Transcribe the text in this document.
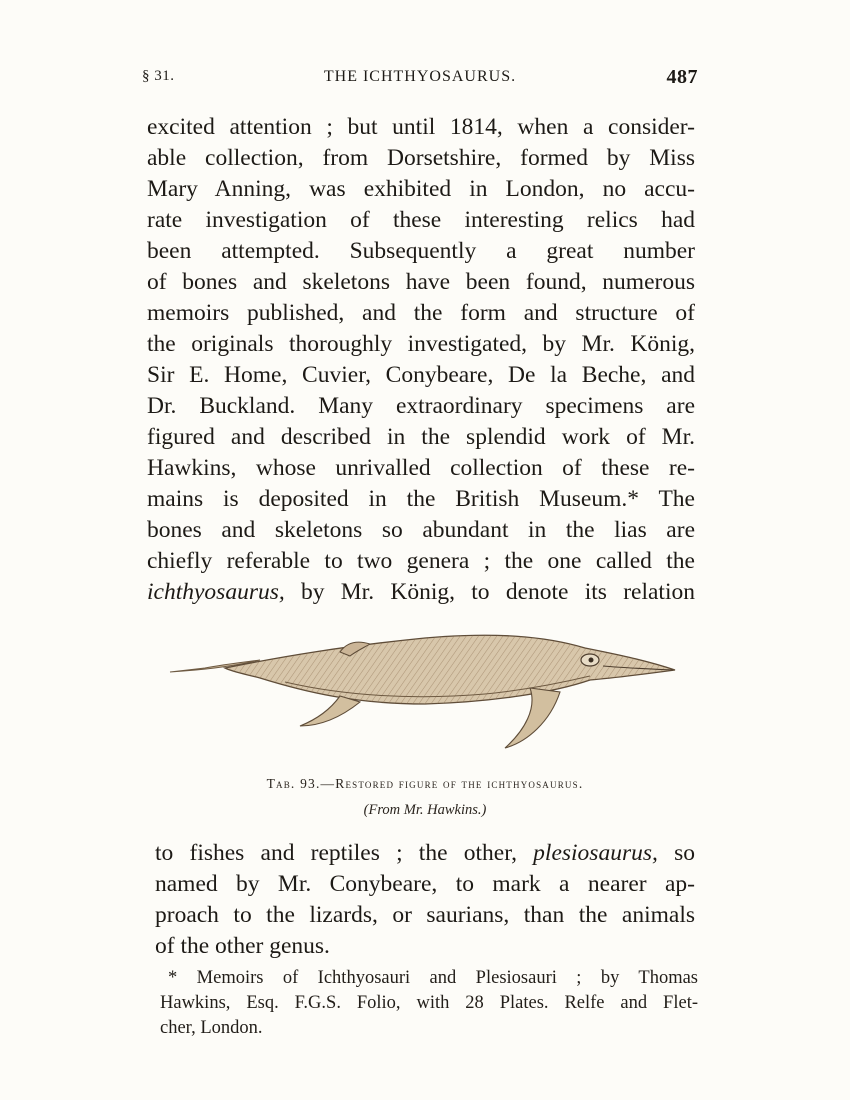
§ 31.	THE ICHTHYOSAURUS.	487
excited attention ; but until 1814, when a consider-
able collection, from Dorsetshire, formed by Miss
Mary Anning, was exhibited in London, no accu-
rate investigation of these interesting relics had
been attempted. Subsequently a great number
of bones and skeletons have been found, numerous
memoirs published, and the form and structure of
the originals thoroughly investigated, by Mr. König,
Sir E. Home, Cuvier, Conybeare, De la Beche, and
Dr. Buckland. Many extraordinary specimens are
figured and described in the splendid work of Mr.
Hawkins, whose unrivalled collection of these re-
mains is deposited in the British Museum.* The
bones and skeletons so abundant in the lias are
chiefly referable to two genera ; the one called the
ichthyosaurus, by Mr. König, to denote its relation
Tab. 93.—Restored figure of the ichthyosaurus.
(From Mr. Hawkins.)
to fishes and reptiles ; the other, plesiosaurus, so
named by Mr. Conybeare, to mark a nearer ap-
proach to the lizards, or saurians, than the animals
of the other genus.
* Memoirs of Ichthyosauri and Plesiosauri ; by Thomas
Hawkins, Esq. F.G.S. Folio, with 28 Plates. Relfe and Flet-
cher, London.
